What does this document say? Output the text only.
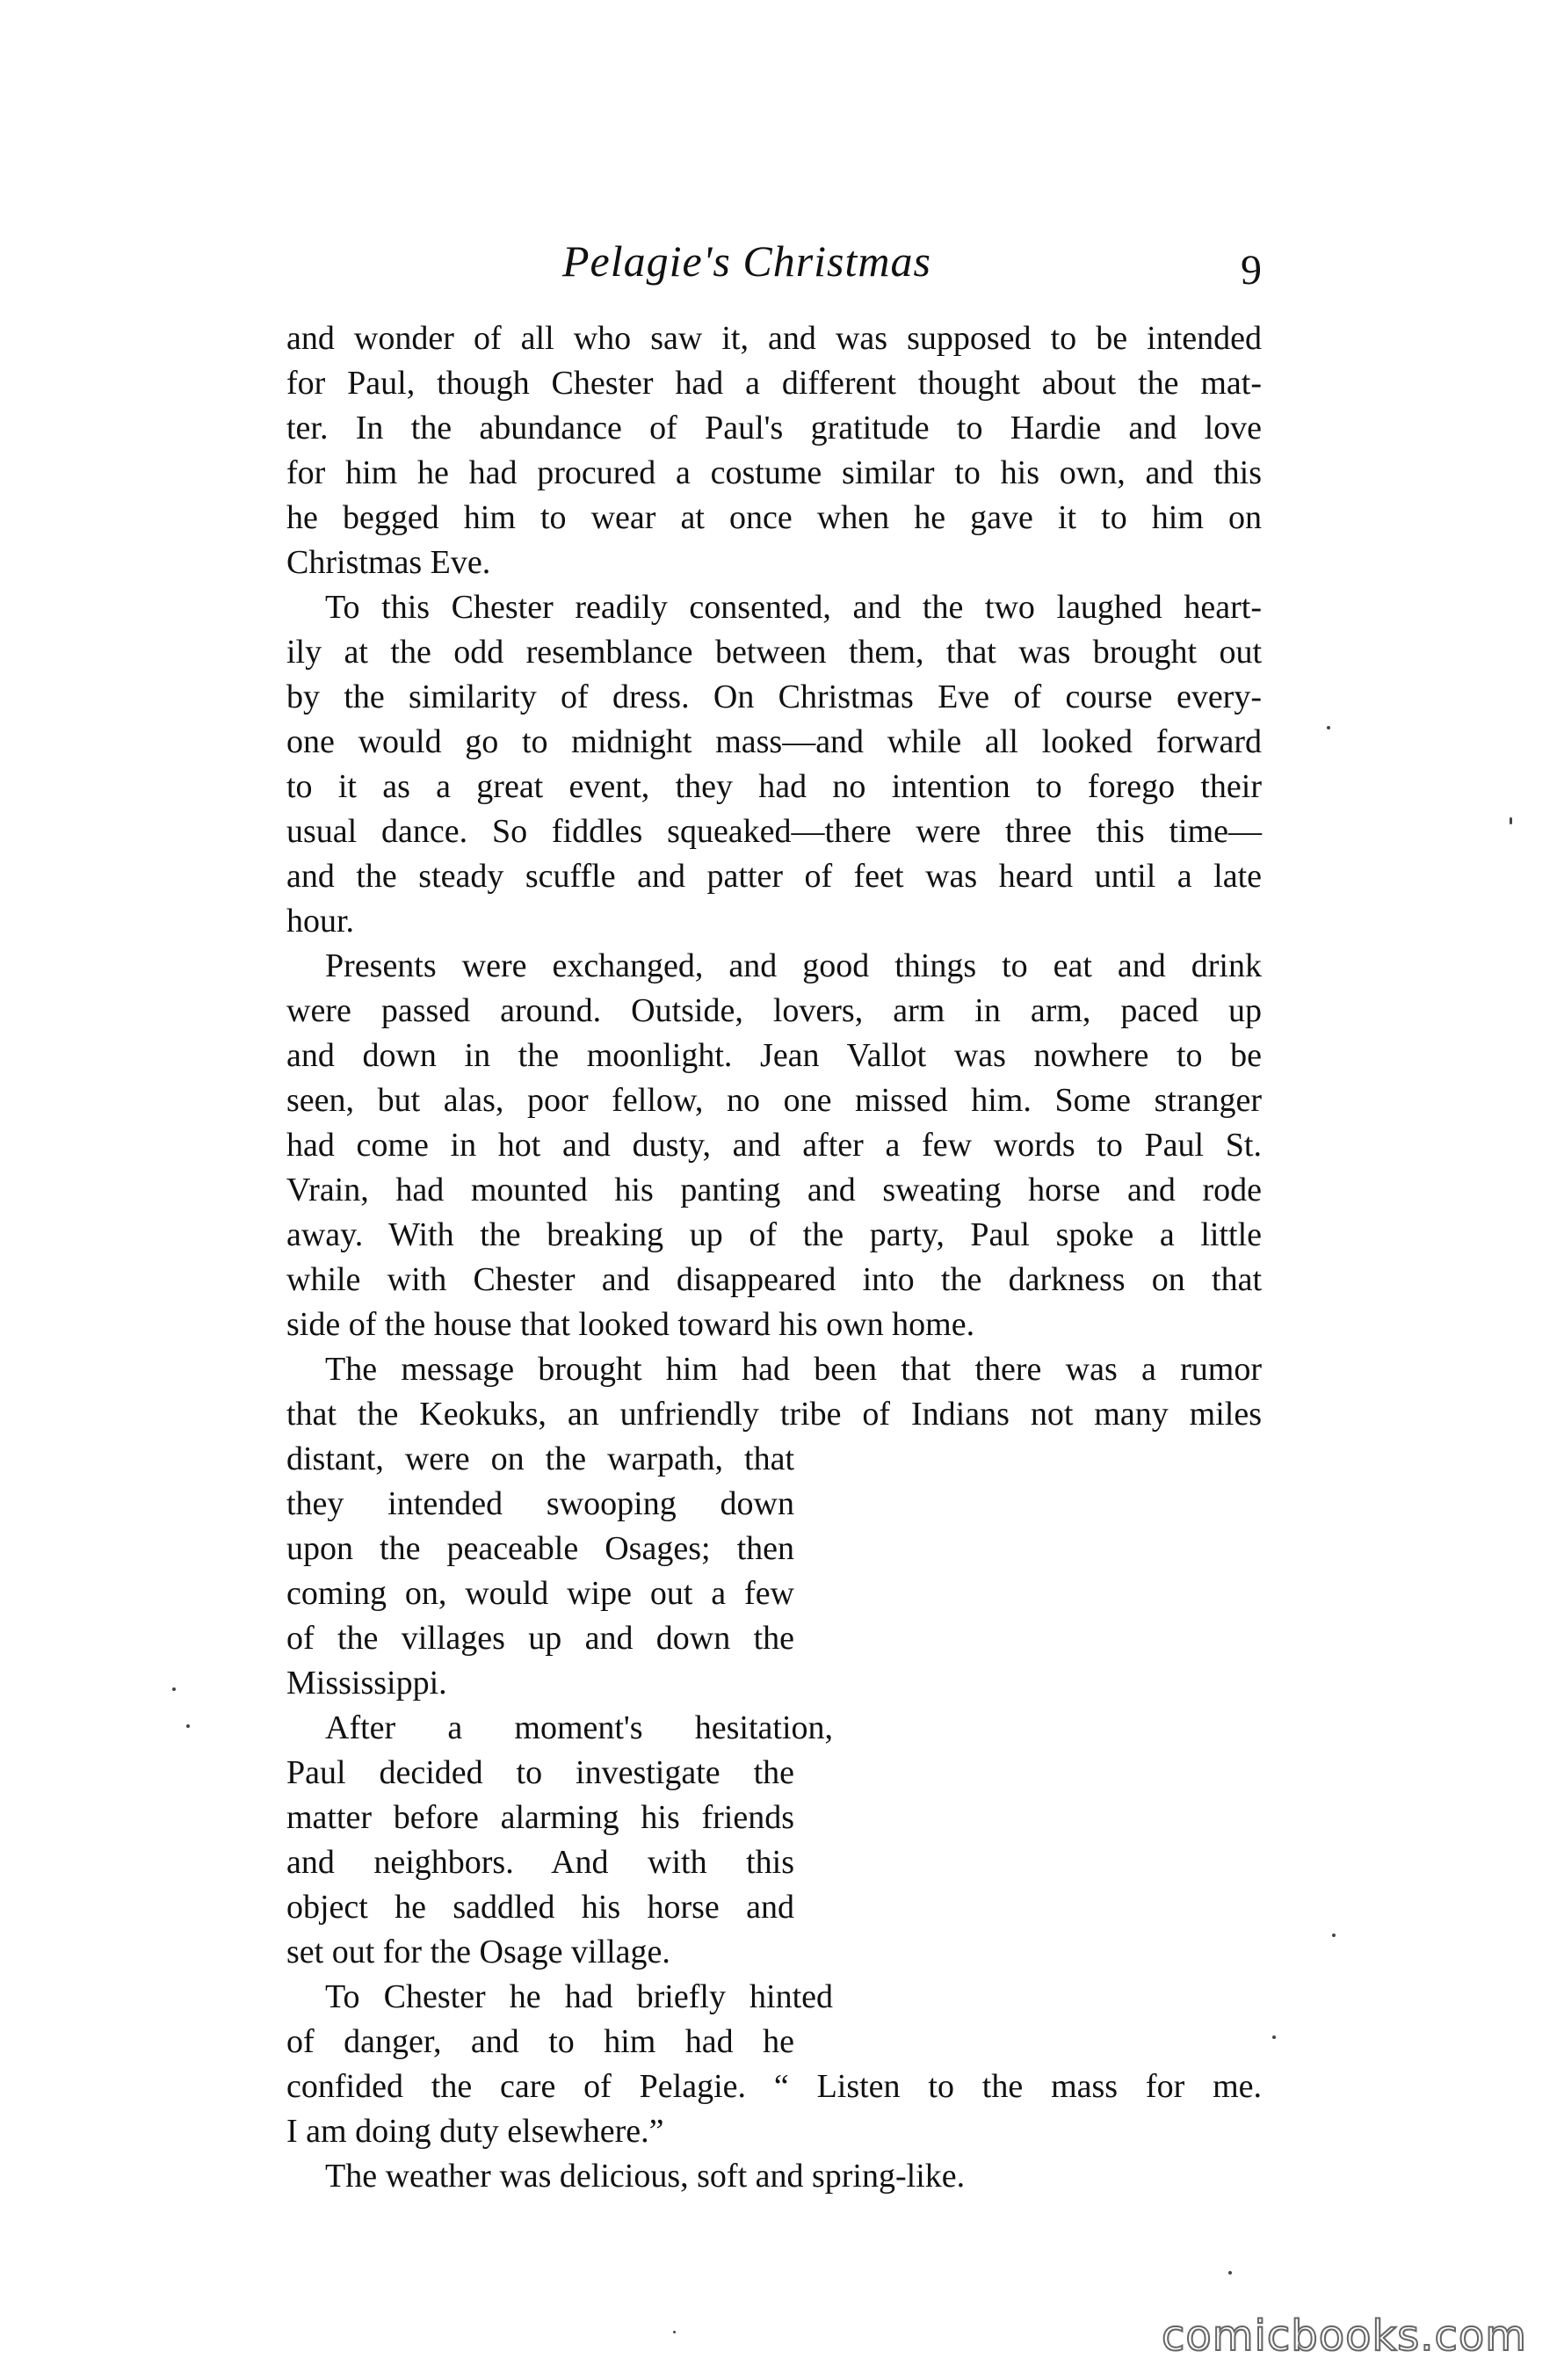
Pelagie's Christmas	9
and wonder of all who saw it, and was supposed to be intended
for Paul, though Chester had a different thought about the mat-
ter. In the abundance of Paul's gratitude to Hardie and love
for him he had procured a costume similar to his own, and this
he begged him to wear at once when he gave it to him on
Christmas Eve.
To this Chester readily consented, and the two laughed heart-
ily at the odd resemblance between them, that was brought out
by the similarity of dress. On Christmas Eve of course every-
one would go to midnight mass—and while all looked forward
to it as a great event, they had no intention to forego their
usual dance. So fiddles squeaked—there were three this time—
and the steady scuffle and patter of feet was heard until a late
hour.
Presents were exchanged, and good things to eat and drink
were passed around. Outside, lovers, arm in arm, paced up
and down in the moonlight. Jean Vallot was nowhere to be
seen, but alas, poor fellow, no one missed him. Some stranger
had come in hot and dusty, and after a few words to Paul St.
Vrain, had mounted his panting and sweating horse and rode
away. With the breaking up of the party, Paul spoke a little
while with Chester and disappeared into the darkness on that
side of the house that looked toward his own home.
The message brought him had been that there was a rumor
that the Keokuks, an unfriendly tribe of Indians not many miles
distant, were on the warpath, that
they intended swooping down
upon the peaceable Osages; then
coming on, would wipe out a few
of the villages up and down the
Mississippi.
After a moment's hesitation,
Paul decided to investigate the
matter before alarming his friends
and neighbors. And with this
object he saddled his horse and
set out for the Osage village.
To Chester he had briefly hinted
of danger, and to him had he
confided the care of Pelagie. “ Listen to the mass for me.
I am doing duty elsewhere.”
The weather was delicious, soft and spring-like.
comicbooks.com
